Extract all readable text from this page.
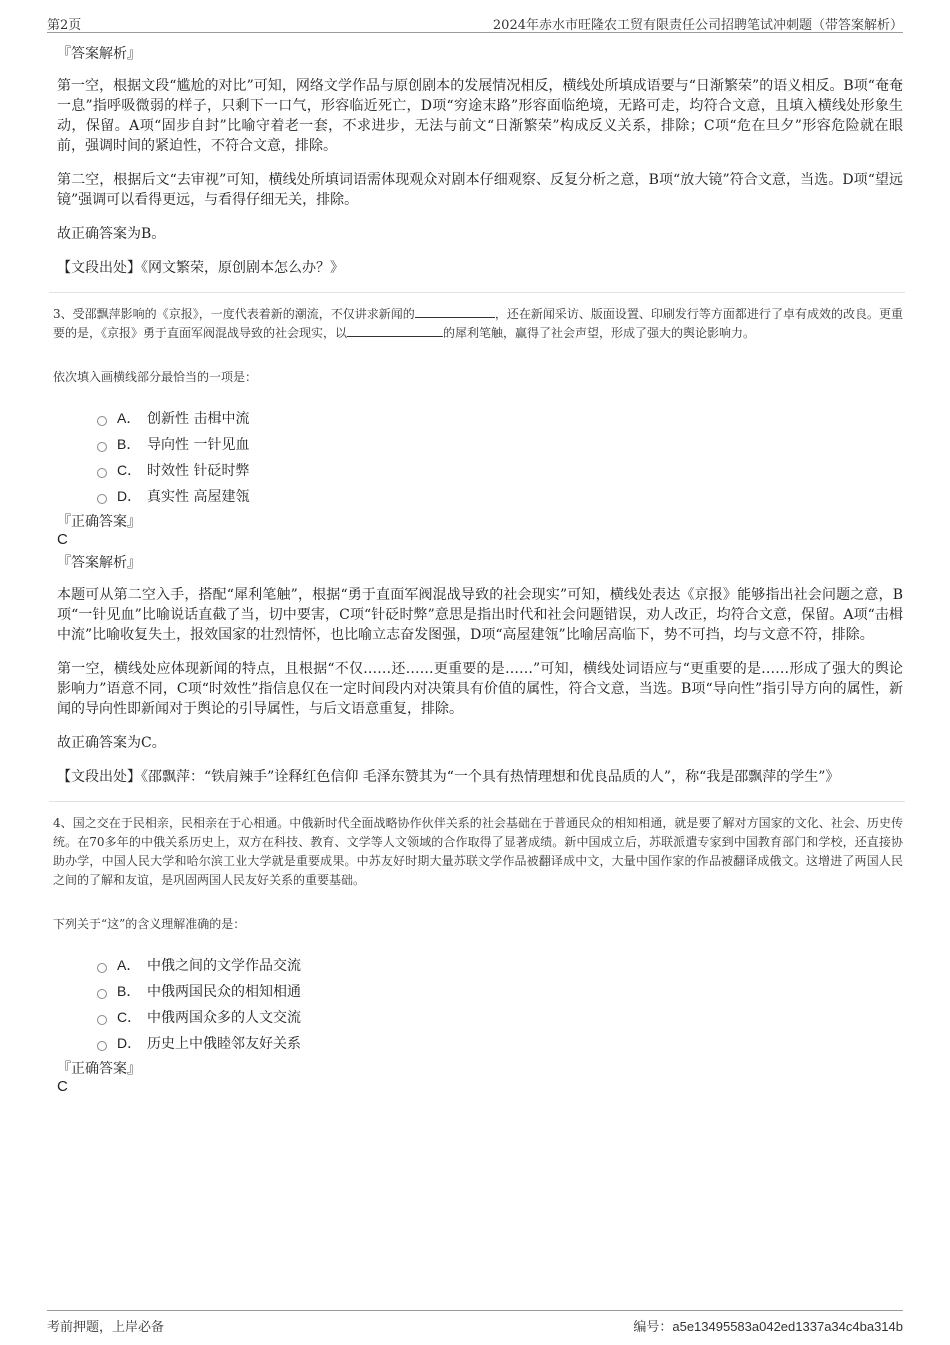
第2页	2024年赤水市旺隆农工贸有限责任公司招聘笔试冲刺题（带答案解析）
『答案解析』

第一空，根据文段“尴尬的对比”可知，网络文学作品与原创剧本的发展情况相反，横线处所填成语要与“日渐繁荣”的语义相反。B项“奄奄一息”指呼吸微弱的样子，只剩下一口气，形容临近死亡，D项“穷途末路”形容面临绝境，无路可走，均符合文意，且填入横线处形象生动，保留。A项“固步自封”比喻守着老一套，不求进步，无法与前文“日渐繁荣”构成反义关系，排除；C项“危在旦夕”形容危险就在眼前，强调时间的紧迫性，不符合文意，排除。

第二空，根据后文“去审视”可知，横线处所填词语需体现观众对剧本仔细观察、反复分析之意，B项“放大镜”符合文意，当选。D项“望远镜”强调可以看得更远，与看得仔细无关，排除。

故正确答案为B。

【文段出处】《网文繁荣，原创剧本怎么办？》

3、受邵飘萍影响的《京报》，一度代表着新的潮流，不仅讲求新闻的	，还在新闻采访、版面设置、印刷发行等方面都进行了卓有成效的改良。更重要的是，《京报》勇于直面军阀混战导致的社会现实，以	的犀利笔触，赢得了社会声望，形成了强大的舆论影响力。
依次填入画横线部分最恰当的一项是：
A． 创新性 击楫中流
B． 导向性 一针见血
C． 时效性 针砭时弊
D． 真实性 高屋建瓴
『正确答案』
C
『答案解析』

本题可从第二空入手，搭配“犀利笔触”，根据“勇于直面军阀混战导致的社会现实”可知，横线处表达《京报》能够指出社会问题之意，B项“一针见血”比喻说话直截了当，切中要害，C项“针砭时弊”意思是指出时代和社会问题错误，劝人改正，均符合文意，保留。A项“击楫中流”比喻收复失土，报效国家的壮烈情怀，也比喻立志奋发图强，D项“高屋建瓴”比喻居高临下，势不可挡，均与文意不符，排除。

第一空，横线处应体现新闻的特点，且根据“不仅……还……更重要的是……”可知，横线处词语应与“更重要的是……形成了强大的舆论影响力”语意不同，C项“时效性”指信息仅在一定时间段内对决策具有价值的属性，符合文意，当选。B项“导向性”指引导方向的属性，新闻的导向性即新闻对于舆论的引导属性，与后文语意重复，排除。

故正确答案为C。

【文段出处】《邵飘萍：“铁肩辣手”诠释红色信仰 毛泽东赞其为“一个具有热情理想和优良品质的人”，称“我是邵飘萍的学生”》

4、国之交在于民相亲，民相亲在于心相通。中俄新时代全面战略协作伙伴关系的社会基础在于普通民众的相知相通，就是要了解对方国家的文化、社会、历史传统。在70多年的中俄关系历史上，双方在科技、教育、文学等人文领域的合作取得了显著成绩。新中国成立后，苏联派遣专家到中国教育部门和学校，还直接协助办学，中国人民大学和哈尔滨工业大学就是重要成果。中苏友好时期大量苏联文学作品被翻译成中文，大量中国作家的作品被翻译成俄文。这增进了两国人民之间的了解和友谊，是巩固两国人民友好关系的重要基础。
下列关于“这”的含义理解准确的是：
A． 中俄之间的文学作品交流
B． 中俄两国民众的相知相通
C． 中俄两国众多的人文交流
D． 历史上中俄睦邻友好关系
『正确答案』
C
考前押题，上岸必备	编号：a5e13495583a042ed1337a34c4ba314b
